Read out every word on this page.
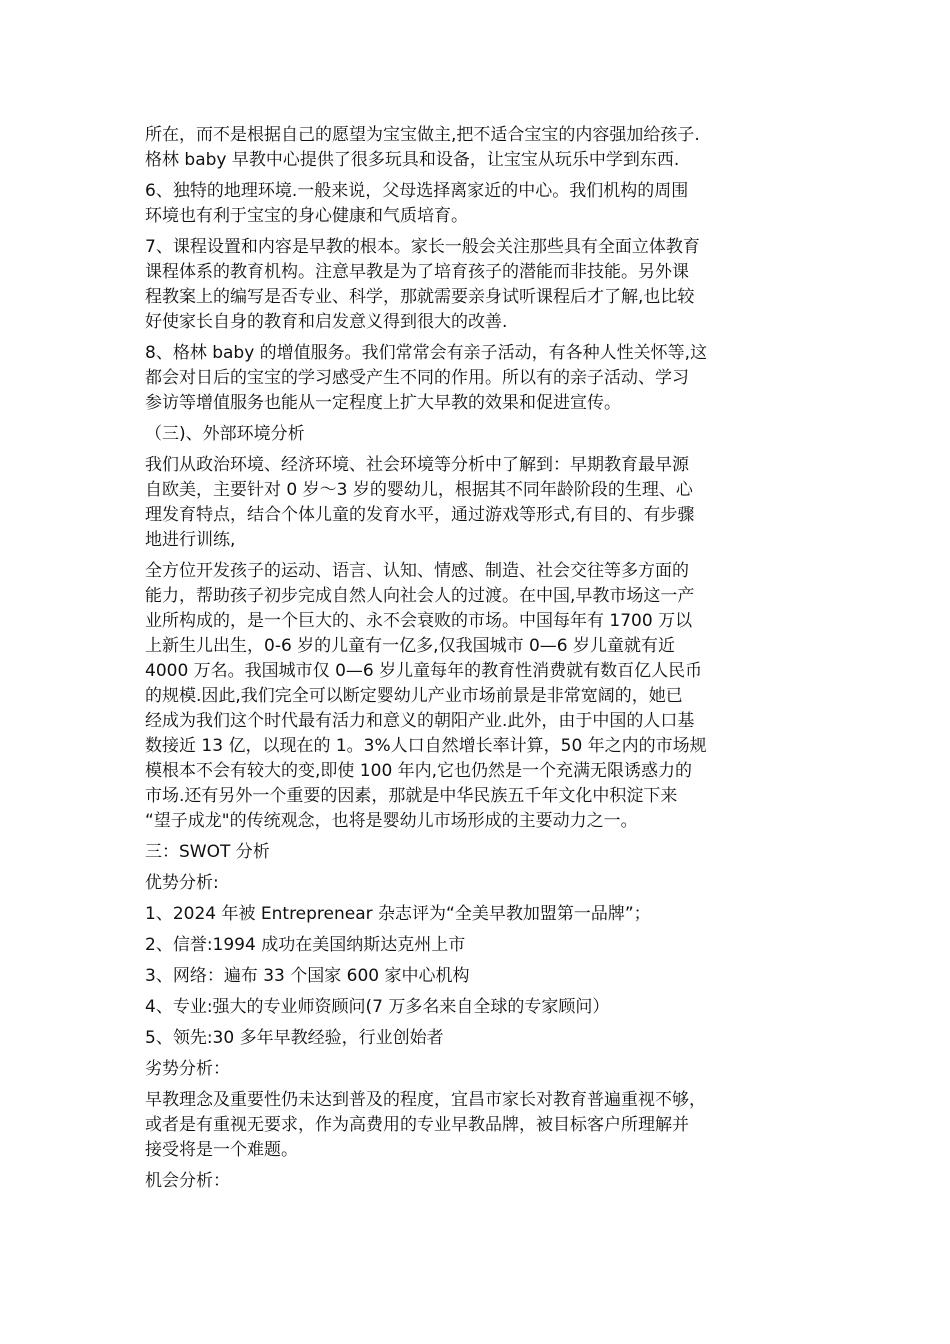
所在，而不是根据自己的愿望为宝宝做主,把不适合宝宝的内容强加给孩子.
格林 baby 早教中心提供了很多玩具和设备，让宝宝从玩乐中学到东西.

6、独特的地理环境.一般来说，父母选择离家近的中心。我们机构的周围
环境也有利于宝宝的身心健康和气质培育。

7、课程设置和内容是早教的根本。家长一般会关注那些具有全面立体教育
课程体系的教育机构。注意早教是为了培育孩子的潜能而非技能。另外课
程教案上的编写是否专业、科学，那就需要亲身试听课程后才了解,也比较
好使家长自身的教育和启发意义得到很大的改善.

8、格林 baby 的增值服务。我们常常会有亲子活动，有各种人性关怀等,这
都会对日后的宝宝的学习感受产生不同的作用。所以有的亲子活动、学习
参访等增值服务也能从一定程度上扩大早教的效果和促进宣传。

（三)、外部环境分析

我们从政治环境、经济环境、社会环境等分析中了解到：早期教育最早源
自欧美，主要针对 0 岁～3 岁的婴幼儿，根据其不同年龄阶段的生理、心
理发育特点，结合个体儿童的发育水平，通过游戏等形式,有目的、有步骤
地进行训练,

全方位开发孩子的运动、语言、认知、情感、制造、社会交往等多方面的
能力，帮助孩子初步完成自然人向社会人的过渡。在中国,早教市场这一产
业所构成的，是一个巨大的、永不会衰败的市场。中国每年有 1700 万以
上新生儿出生，0-6 岁的儿童有一亿多,仅我国城市 0—6 岁儿童就有近
4000 万名。我国城市仅 0—6 岁儿童每年的教育性消费就有数百亿人民币
的规模.因此,我们完全可以断定婴幼儿产业市场前景是非常宽阔的，她已
经成为我们这个时代最有活力和意义的朝阳产业.此外，由于中国的人口基
数接近 13 亿，以现在的 1。3%人口自然增长率计算，50 年之内的市场规
模根本不会有较大的变,即使 100 年内,它也仍然是一个充满无限诱惑力的
市场.还有另外一个重要的因素，那就是中华民族五千年文化中积淀下来
“望子成龙"的传统观念，也将是婴幼儿市场形成的主要动力之一。

三：SWOT 分析

优势分析:

1、2024 年被 Entreprenear 杂志评为“全美早教加盟第一品牌”；

2、信誉:1994 成功在美国纳斯达克州上市

3、网络：遍布 33 个国家 600 家中心机构

4、专业:强大的专业师资顾问(7 万多名来自全球的专家顾问）

5、领先:30 多年早教经验，行业创始者

劣势分析：

早教理念及重要性仍未达到普及的程度，宜昌市家长对教育普遍重视不够，
或者是有重视无要求，作为高费用的专业早教品牌，被目标客户所理解并
接受将是一个难题。

机会分析：
